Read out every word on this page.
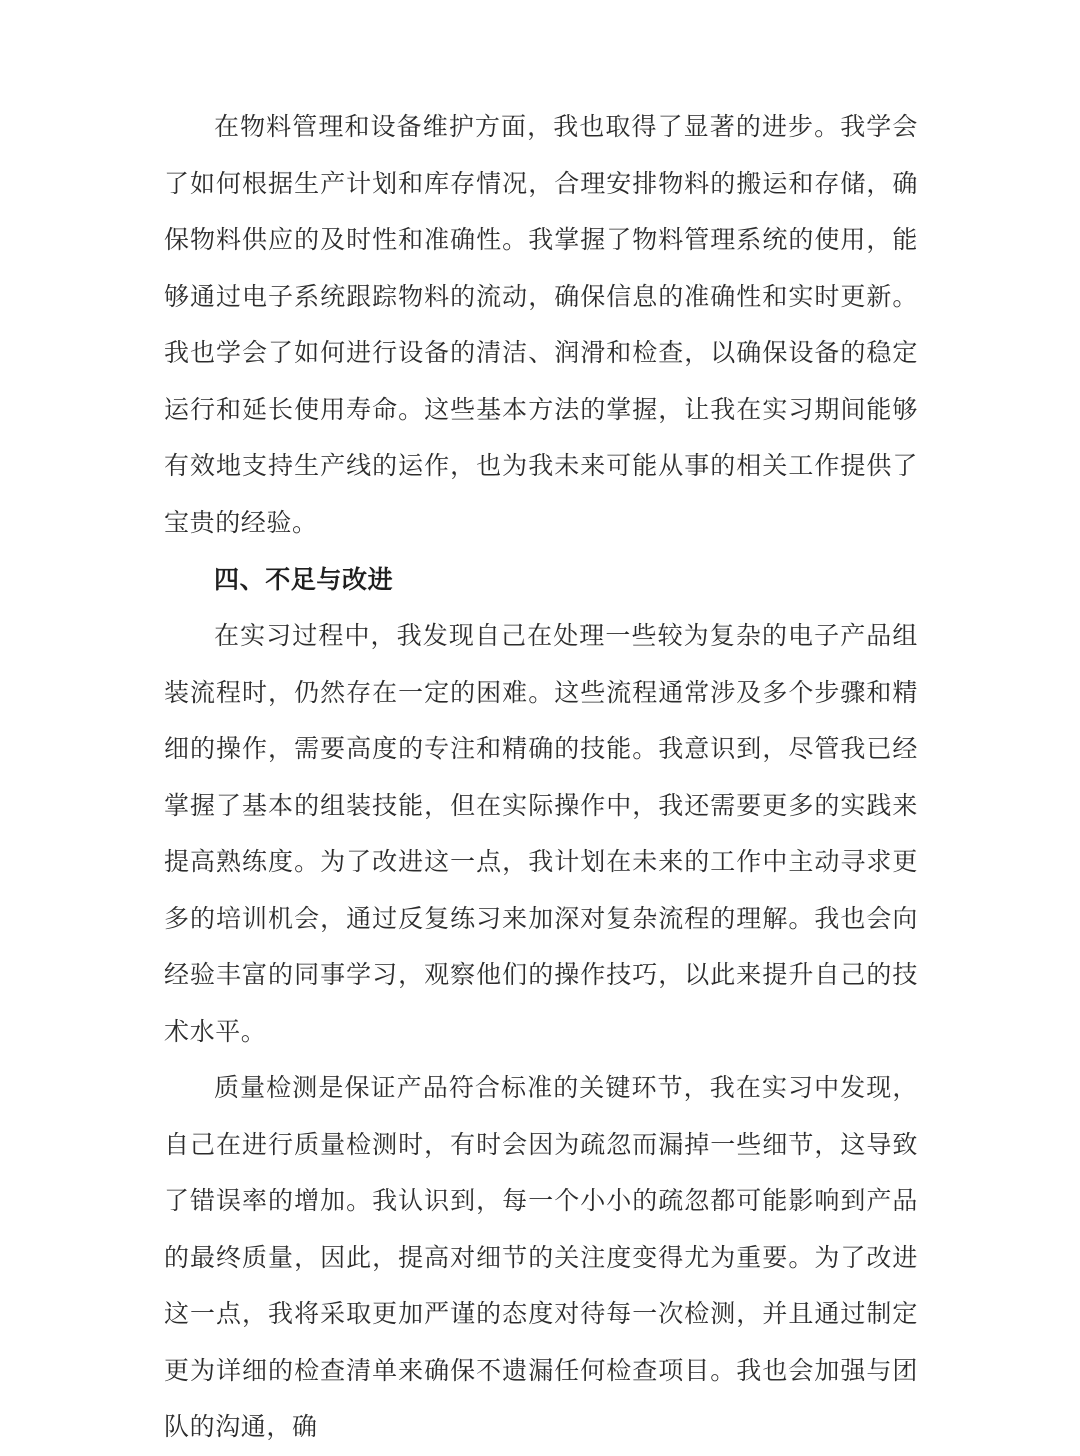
在物料管理和设备维护方面，我也取得了显著的进步。我学会了如何根据生产计划和库存情况，合理安排物料的搬运和存储，确保物料供应的及时性和准确性。我掌握了物料管理系统的使用，能够通过电子系统跟踪物料的流动，确保信息的准确性和实时更新。我也学会了如何进行设备的清洁、润滑和检查，以确保设备的稳定运行和延长使用寿命。这些基本方法的掌握，让我在实习期间能够有效地支持生产线的运作，也为我未来可能从事的相关工作提供了宝贵的经验。

四、不足与改进

在实习过程中，我发现自己在处理一些较为复杂的电子产品组装流程时，仍然存在一定的困难。这些流程通常涉及多个步骤和精细的操作，需要高度的专注和精确的技能。我意识到，尽管我已经掌握了基本的组装技能，但在实际操作中，我还需要更多的实践来提高熟练度。为了改进这一点，我计划在未来的工作中主动寻求更多的培训机会，通过反复练习来加深对复杂流程的理解。我也会向经验丰富的同事学习，观察他们的操作技巧，以此来提升自己的技术水平。

质量检测是保证产品符合标准的关键环节，我在实习中发现，自己在进行质量检测时，有时会因为疏忽而漏掉一些细节，这导致了错误率的增加。我认识到，每一个小小的疏忽都可能影响到产品的最终质量，因此，提高对细节的关注度变得尤为重要。为了改进这一点，我将采取更加严谨的态度对待每一次检测，并且通过制定更为详细的检查清单来确保不遗漏任何检查项目。我也会加强与团队的沟通，确
